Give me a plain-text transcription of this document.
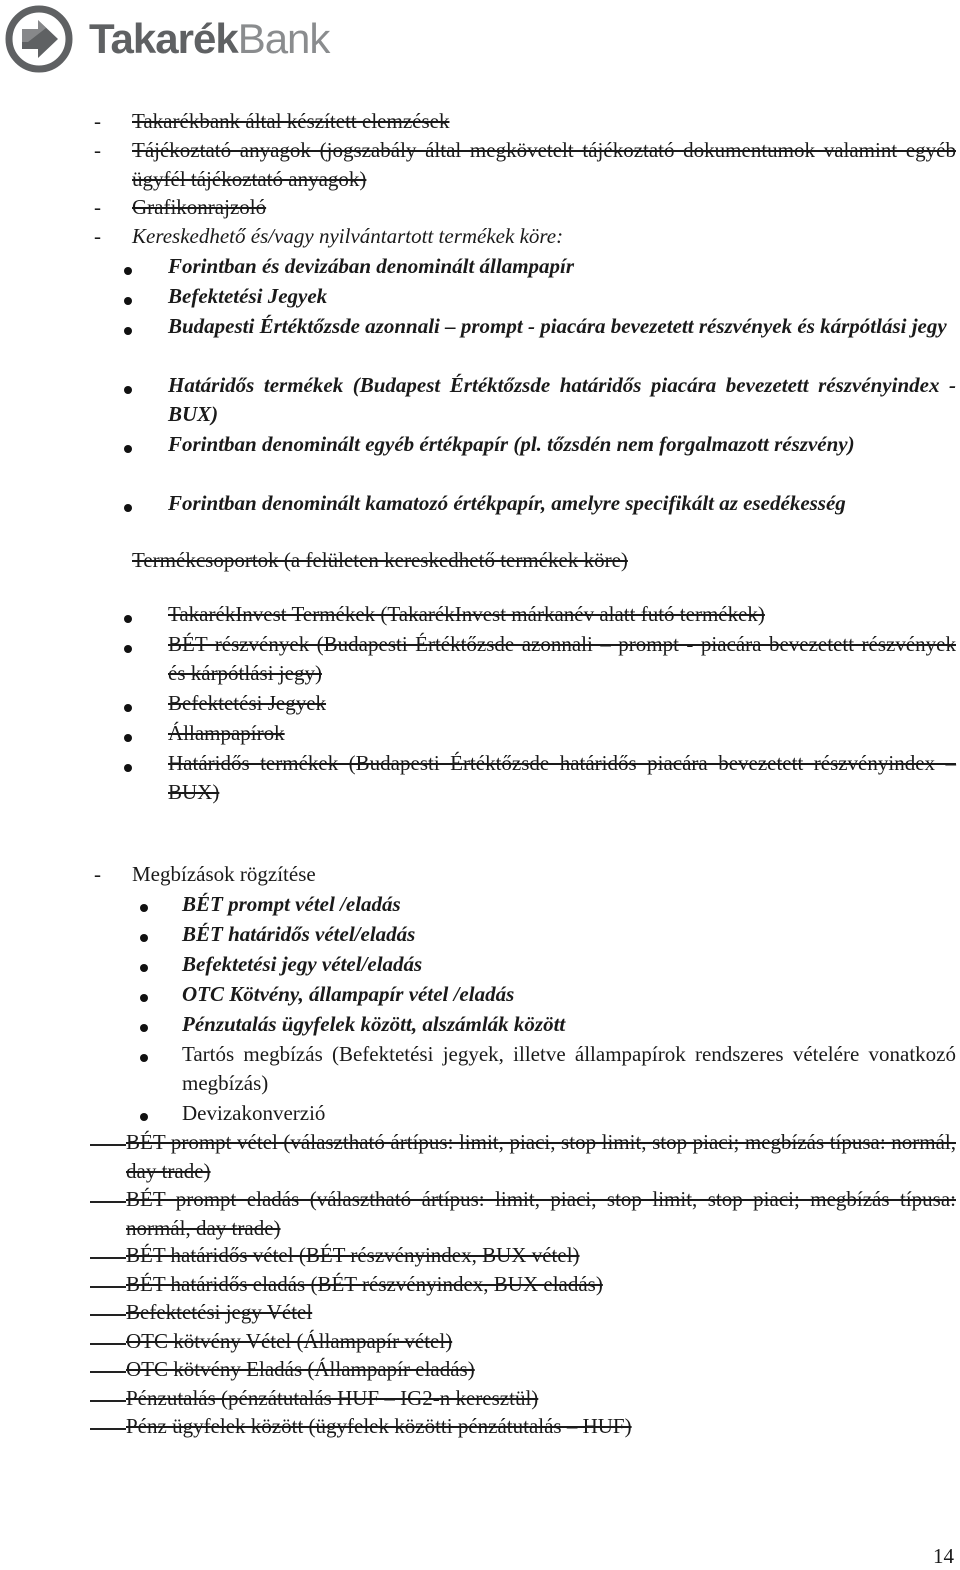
TakarékBank
- Takarékbank által készített elemzések
- Tájékoztató anyagok (jogszabály által megkövetelt tájékoztató dokumentumok valamint egyéb ügyfél tájékoztató anyagok)
- Grafikonrajzoló
- Kereskedhető és/vagy nyilvántartott termékek köre:
Forintban és devizában denominált állampapír
Befektetési Jegyek
Budapesti Értéktőzsde azonnali – prompt - piacára bevezetett részvények és kárpótlási jegy
Határidős termékek (Budapest Értéktőzsde határidős piacára bevezetett részvényindex - BUX)
Forintban denominált egyéb értékpapír (pl. tőzsdén nem forgalmazott részvény)
Forintban denominált kamatozó értékpapír, amelyre specifikált az esedékesség
Termékcsoportok (a felületen kereskedhető termékek köre)
TakarékInvest Termékek (TakarékInvest márkanév alatt futó termékek)
BÉT részvények (Budapesti Értéktőzsde azonnali – prompt - piacára bevezetett részvények és kárpótlási jegy)
Befektetési Jegyek
Állampapírok
Határidős termékek (Budapesti Értéktőzsde határidős piacára bevezetett részvényindex – BUX)
- Megbízások rögzítése
BÉT prompt vétel /eladás
BÉT határidős vétel/eladás
Befektetési jegy vétel/eladás
OTC Kötvény, állampapír vétel /eladás
Pénzutalás ügyfelek között, alszámlák között
Tartós megbízás (Befektetési jegyek, illetve állampapírok rendszeres vételére vonatkozó megbízás)
Devizakonverzió
BÉT prompt vétel (választható ártípus: limit, piaci, stop limit, stop piaci; megbízás típusa: normál, day trade)
BÉT prompt eladás (választható ártípus: limit, piaci, stop limit, stop piaci; megbízás típusa: normál, day trade)
BÉT határidős vétel (BÉT részvényindex, BUX vétel)
BÉT határidős eladás (BÉT részvényindex, BUX eladás)
Befektetési jegy Vétel
OTC kötvény Vétel (Állampapír vétel)
OTC kötvény Eladás (Állampapír eladás)
Pénzutalás (pénzátutalás HUF – IG2-n keresztül)
Pénz ügyfelek között (ügyfelek közötti pénzátutalás – HUF)
14
